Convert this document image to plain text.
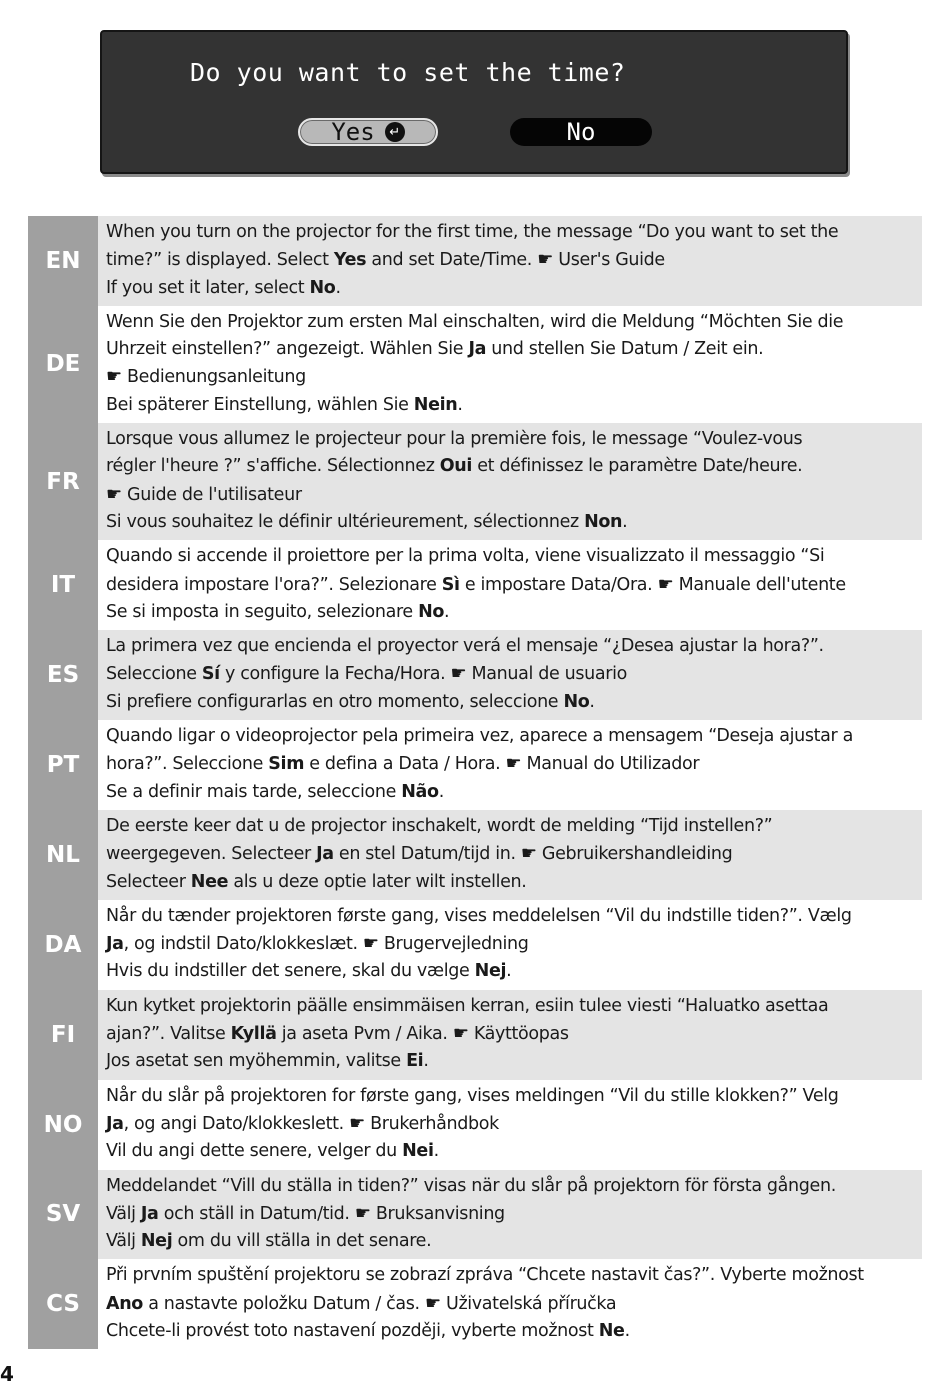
Do you want to set the time?
Yes	↵	No
EN
When you turn on the projector for the first time, the message “Do you want to set the
time?” is displayed. Select Yes and set Date/Time. ☛ User's Guide
If you set it later, select No.
DE
Wenn Sie den Projektor zum ersten Mal einschalten, wird die Meldung “Möchten Sie die
Uhrzeit einstellen?” angezeigt. Wählen Sie Ja und stellen Sie Datum / Zeit ein.
☛ Bedienungsanleitung
Bei späterer Einstellung, wählen Sie Nein.
FR
Lorsque vous allumez le projecteur pour la première fois, le message “Voulez-vous
régler l'heure ?” s'affiche. Sélectionnez Oui et définissez le paramètre Date/heure.
☛ Guide de l'utilisateur
Si vous souhaitez le définir ultérieurement, sélectionnez Non.
IT
Quando si accende il proiettore per la prima volta, viene visualizzato il messaggio “Si
desidera impostare l'ora?”. Selezionare Sì e impostare Data/Ora. ☛ Manuale dell'utente
Se si imposta in seguito, selezionare No.
ES
La primera vez que encienda el proyector verá el mensaje “¿Desea ajustar la hora?”.
Seleccione Sí y configure la Fecha/Hora. ☛ Manual de usuario
Si prefiere configurarlas en otro momento, seleccione No.
PT
Quando ligar o videoprojector pela primeira vez, aparece a mensagem “Deseja ajustar a
hora?”. Seleccione Sim e defina a Data / Hora. ☛ Manual do Utilizador
Se a definir mais tarde, seleccione Não.
NL
De eerste keer dat u de projector inschakelt, wordt de melding “Tijd instellen?”
weergegeven. Selecteer Ja en stel Datum/tijd in. ☛ Gebruikershandleiding
Selecteer Nee als u deze optie later wilt instellen.
DA
Når du tænder projektoren første gang, vises meddelelsen “Vil du indstille tiden?”. Vælg
Ja, og indstil Dato/klokkeslæt. ☛ Brugervejledning
Hvis du indstiller det senere, skal du vælge Nej.
FI
Kun kytket projektorin päälle ensimmäisen kerran, esiin tulee viesti “Haluatko asettaa
ajan?”. Valitse Kyllä ja aseta Pvm / Aika. ☛ Käyttöopas
Jos asetat sen myöhemmin, valitse Ei.
NO
Når du slår på projektoren for første gang, vises meldingen “Vil du stille klokken?” Velg
Ja, og angi Dato/klokkeslett. ☛ Brukerhåndbok
Vil du angi dette senere, velger du Nei.
SV
Meddelandet “Vill du ställa in tiden?” visas när du slår på projektorn för första gången.
Välj Ja och ställ in Datum/tid. ☛ Bruksanvisning
Välj Nej om du vill ställa in det senare.
CS
Při prvním spuštění projektoru se zobrazí zpráva “Chcete nastavit čas?”. Vyberte možnost
Ano a nastavte položku Datum / čas. ☛ Uživatelská příručka
Chcete-li provést toto nastavení později, vyberte možnost Ne.
4
